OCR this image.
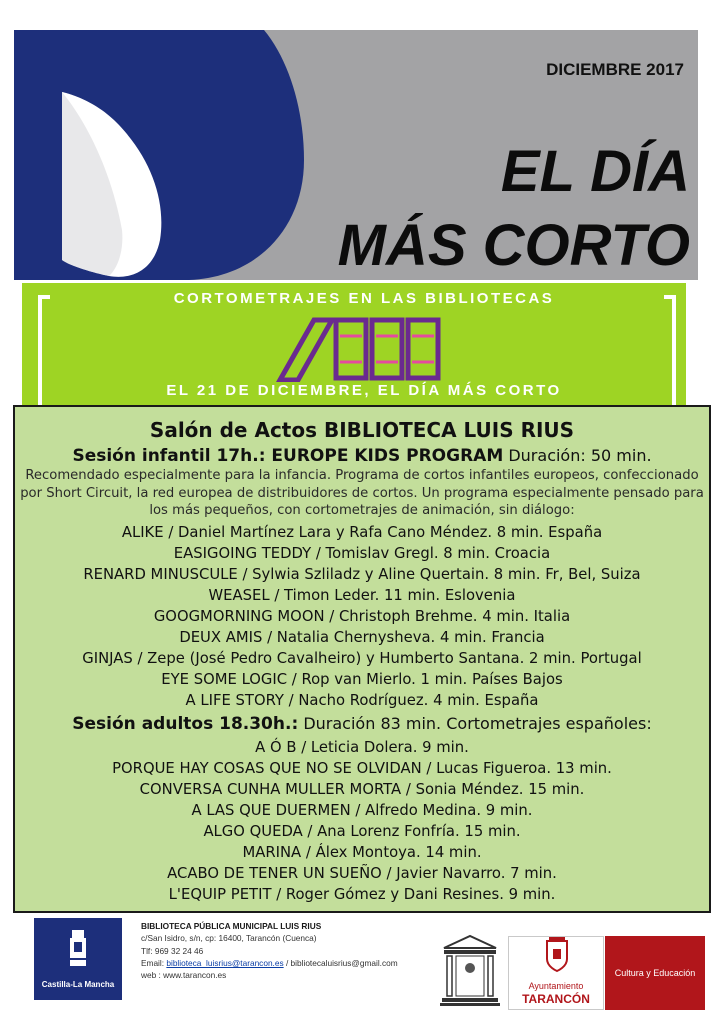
DICIEMBRE 2017
EL DÍA
MÁS CORTO
CORTOMETRAJES EN LAS BIBLIOTECAS
EL 21 DE DICIEMBRE, EL DÍA MÁS CORTO
Salón de Actos BIBLIOTECA LUIS RIUS
Sesión infantil 17h.: EUROPE KIDS PROGRAM Duración: 50 min.
Recomendado especialmente para la infancia. Programa de cortos infantiles europeos, confeccionado por Short Circuit, la red europea de distribuidores de cortos. Un programa especialmente pensado para los más pequeños, con cortometrajes de animación, sin diálogo:
ALIKE / Daniel Martínez Lara y Rafa Cano Méndez. 8 min. España
EASIGOING TEDDY / Tomislav Gregl. 8 min. Croacia
RENARD MINUSCULE / Sylwia Szliladz y Aline Quertain. 8 min. Fr, Bel, Suiza
WEASEL / Timon Leder. 11 min. Eslovenia
GOOGMORNING MOON / Christoph Brehme. 4 min. Italia
DEUX AMIS / Natalia Chernysheva. 4 min. Francia
GINJAS / Zepe (José Pedro Cavalheiro) y Humberto Santana. 2 min. Portugal
EYE SOME LOGIC / Rop van Mierlo. 1 min. Países Bajos
A LIFE STORY / Nacho Rodríguez. 4 min. España
Sesión adultos 18.30h.: Duración 83 min. Cortometrajes españoles:
A Ó B / Leticia Dolera. 9 min.
PORQUE HAY COSAS QUE NO SE OLVIDAN / Lucas Figueroa. 13 min.
CONVERSA CUNHA MULLER MORTA / Sonia Méndez. 15 min.
A LAS QUE DUERMEN / Alfredo Medina. 9 min.
ALGO QUEDA / Ana Lorenz Fonfría. 15 min.
MARINA / Álex Montoya. 14 min.
ACABO DE TENER UN SUEÑO / Javier Navarro. 7 min.
L'EQUIP PETIT / Roger Gómez y Dani Resines. 9 min.
Castilla-La Mancha
BIBLIOTECA PÚBLICA MUNICIPAL LUIS RIUS
c/San Isidro, s/n, cp: 16400, Tarancón (Cuenca)
Tlf: 969 32 24 46
Email: biblioteca_luisrius@tarancon.es / bibliotecaluisrius@gmail.com
web : www.tarancon.es
Ayuntamiento
TARANCÓN
Cultura y Educación
